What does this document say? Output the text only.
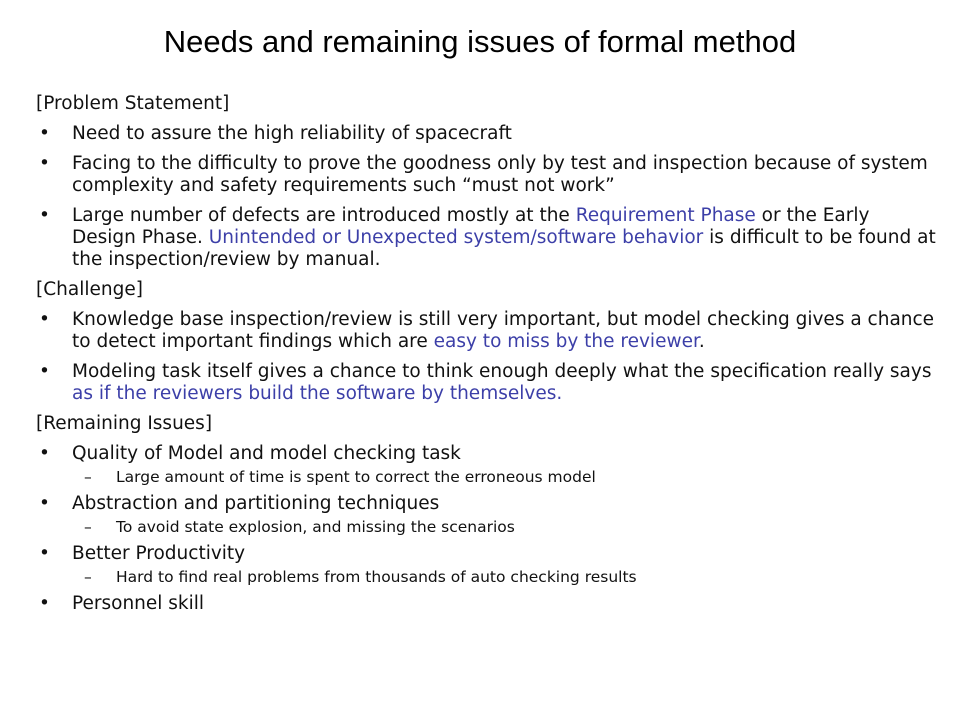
Needs and remaining issues of formal method
[Problem Statement]
• Need to assure the high reliability of spacecraft
• Facing to the difficulty to prove the goodness only by test and inspection because of system complexity and safety requirements such “must not work”
• Large number of defects are introduced mostly at the Requirement Phase or the Early Design Phase. Unintended or Unexpected system/software behavior is difficult to be found at the inspection/review by manual.
[Challenge]
• Knowledge base inspection/review is still very important, but model checking gives a chance to detect important findings which are easy to miss by the reviewer.
• Modeling task itself gives a chance to think enough deeply what the specification really says as if the reviewers build the software by themselves.
[Remaining Issues]
• Quality of Model and model checking task
– Large amount of time is spent to correct the erroneous model
• Abstraction and partitioning techniques
– To avoid state explosion, and missing the scenarios
• Better Productivity
– Hard to find real problems from thousands of auto checking results
• Personnel skill
